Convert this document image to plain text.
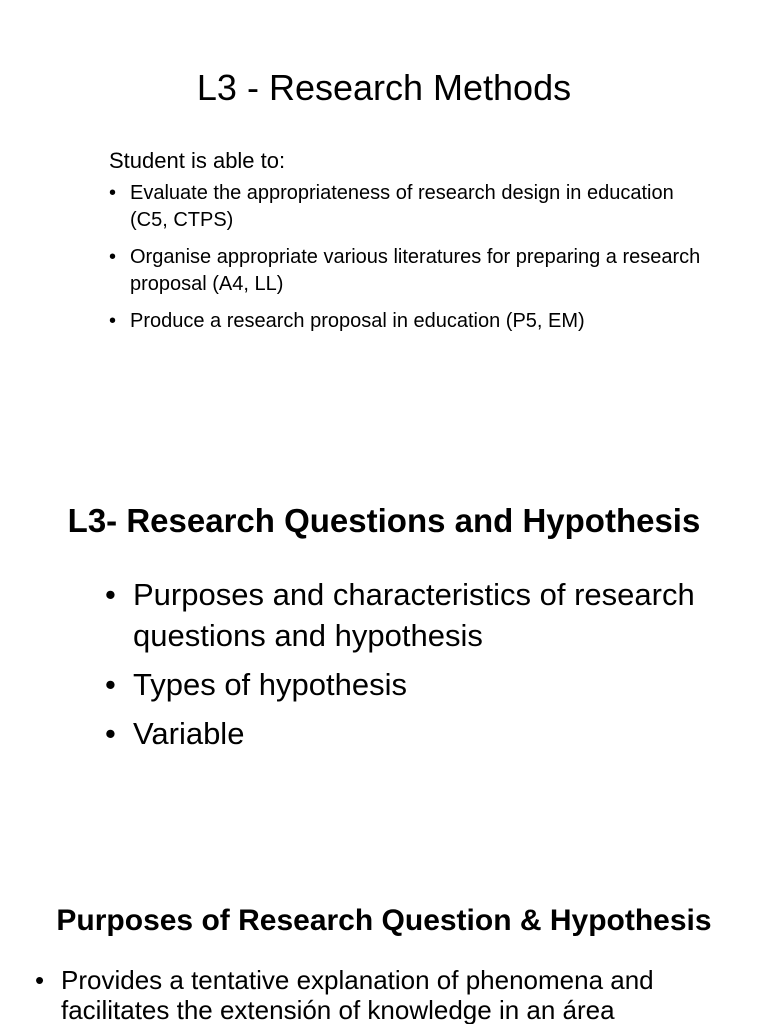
L3 - Research Methods
Student is able to:
• Evaluate the appropriateness of research design in education (C5, CTPS)
• Organise appropriate various literatures for preparing a research proposal (A4, LL)
• Produce a research proposal in education (P5, EM)
L3- Research Questions and Hypothesis
• Purposes and characteristics of research questions and hypothesis
• Types of hypothesis
• Variable
Purposes of Research Question & Hypothesis
• Provides a tentative explanation of phenomena and facilitates the extensión of knowledge in an área
